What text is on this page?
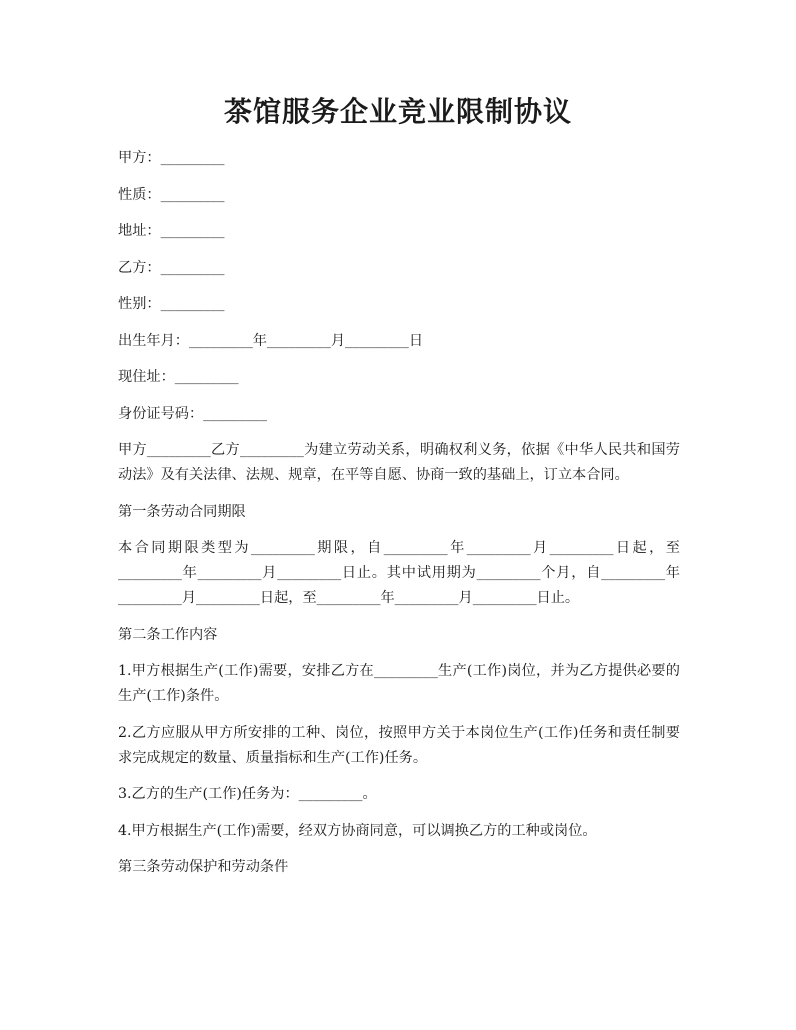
茶馆服务企业竞业限制协议

甲方：_________

性质：_________

地址：_________

乙方：_________

性别：_________

出生年月：_________年_________月_________日

现住址：_________

身份证号码：_________

甲方_________乙方_________为建立劳动关系，明确权利义务，依据《中华人民共和国劳动法》及有关法律、法规、规章，在平等自愿、协商一致的基础上，订立本合同。

第一条劳动合同期限

本合同期限类型为_________期限，自_________年_________月_________日起，至_________年_________月_________日止。其中试用期为_________个月，自_________年_________月_________日起，至_________年_________月_________日止。

第二条工作内容

1.甲方根据生产(工作)需要，安排乙方在_________生产(工作)岗位，并为乙方提供必要的生产(工作)条件。

2.乙方应服从甲方所安排的工种、岗位，按照甲方关于本岗位生产(工作)任务和责任制要求完成规定的数量、质量指标和生产(工作)任务。

3.乙方的生产(工作)任务为：_________。

4.甲方根据生产(工作)需要，经双方协商同意，可以调换乙方的工种或岗位。

第三条劳动保护和劳动条件
